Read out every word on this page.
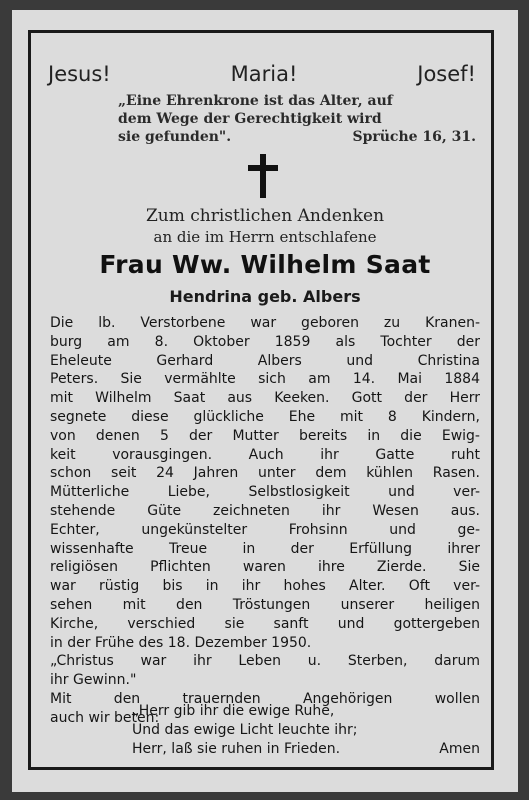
Jesus!	Maria!	Josef!
„Eine Ehrenkrone ist das Alter, auf
dem Wege der Gerechtigkeit wird
sie gefunden".	Sprüche 16, 31.
Zum christlichen Andenken
an die im Herrn entschlafene
Frau Ww. Wilhelm Saat
Hendrina geb. Albers
Die lb. Verstorbene war geboren zu Kranen-
burg am 8. Oktober 1859 als Tochter der
Eheleute Gerhard Albers und Christina
Peters. Sie vermählte sich am 14. Mai 1884
mit Wilhelm Saat aus Keeken. Gott der Herr
segnete diese glückliche Ehe mit 8 Kindern,
von denen 5 der Mutter bereits in die Ewig-
keit vorausgingen. Auch ihr Gatte ruht
schon seit 24 Jahren unter dem kühlen Rasen.
Mütterliche Liebe, Selbstlosigkeit und ver-
stehende Güte zeichneten ihr Wesen aus.
Echter, ungekünstelter Frohsinn und ge-
wissenhafte Treue in der Erfüllung ihrer
religiösen Pflichten waren ihre Zierde. Sie
war rüstig bis in ihr hohes Alter. Oft ver-
sehen mit den Tröstungen unserer heiligen
Kirche, verschied sie sanft und gottergeben
in der Frühe des 18. Dezember 1950.
„Christus war ihr Leben u. Sterben, darum
ihr Gewinn."
Mit den trauernden Angehörigen wollen
auch wir beten:
„Herr gib ihr die ewige Ruhe,
Und das ewige Licht leuchte ihr;
Herr, laß sie ruhen in Frieden.	Amen
